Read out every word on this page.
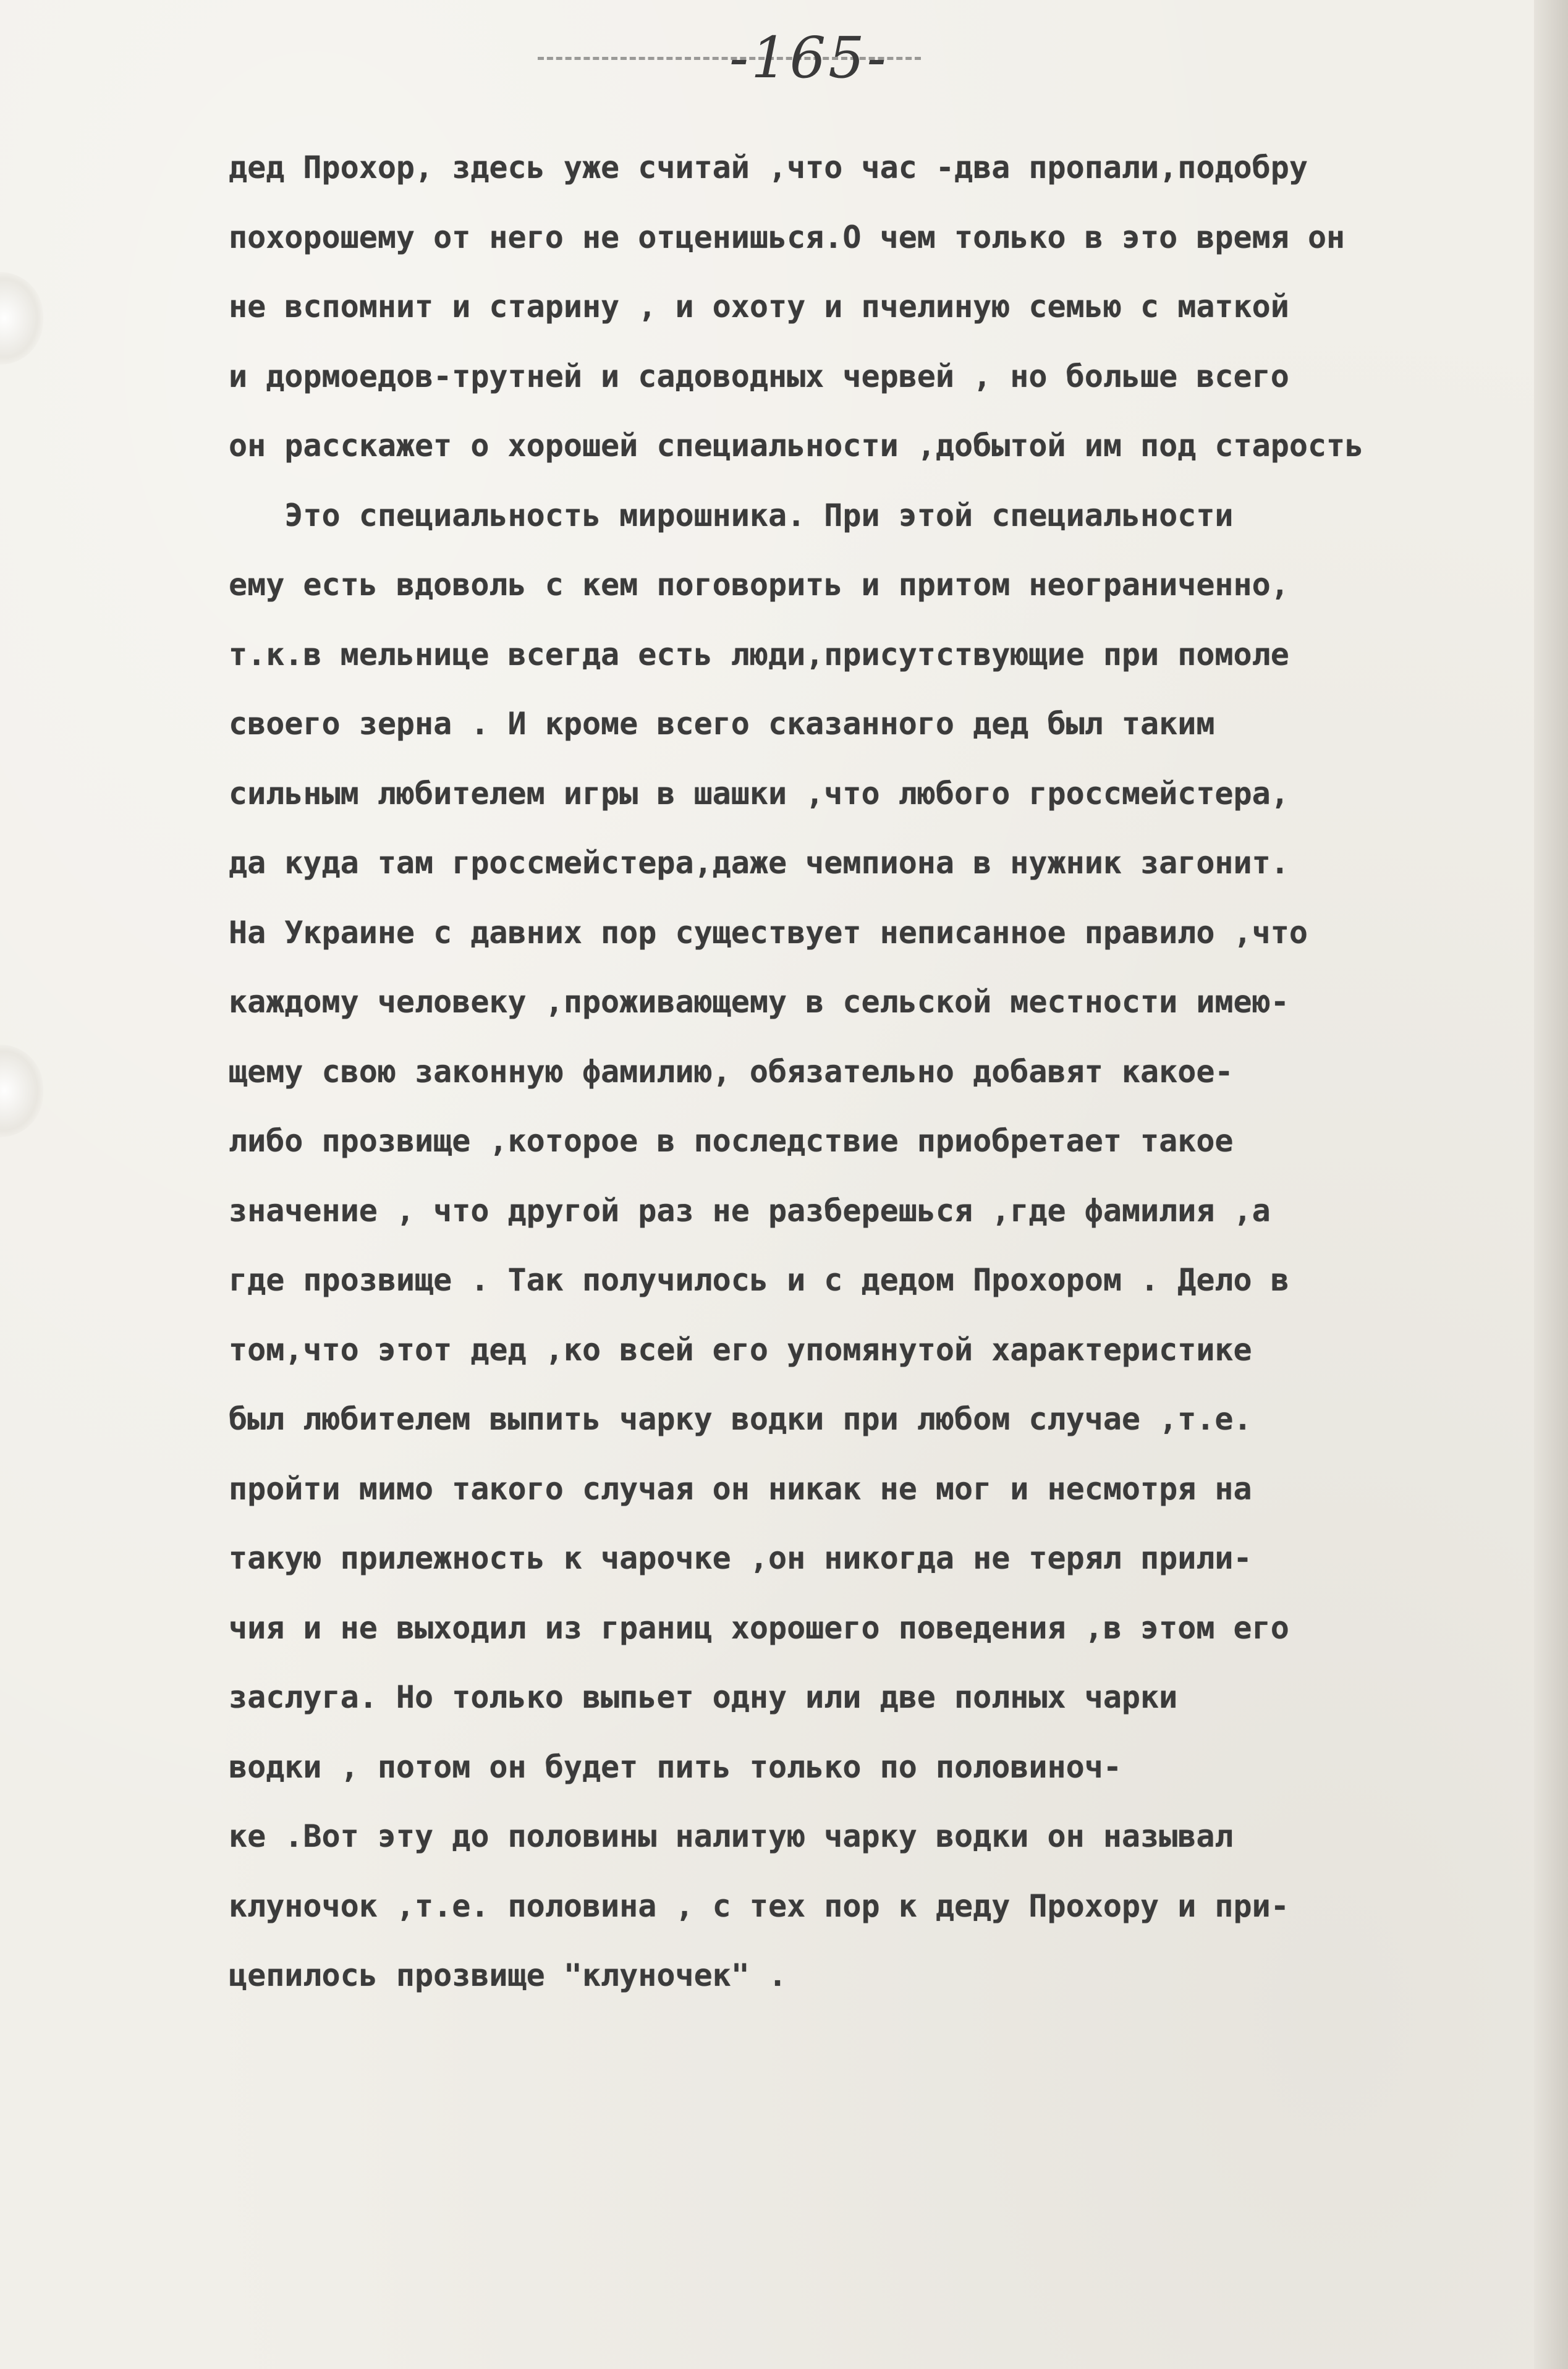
-165-
дед Прохор, здесь уже считай ,что час -два пропали,подобру
похорошему от него не отценишься.О чем только в это время он
не вспомнит и старину , и охоту и пчелиную семью с маткой
и дормоедов-трутней и садоводных червей , но больше всего
он расскажет о хорошей специальности ,добытой им под старость
Это специальность мирошника. При этой специальности
ему есть вдоволь с кем поговорить и притом неограниченно,
т.к.в мельнице всегда есть люди,присутствующие при помоле
своего зерна . И кроме всего сказанного дед был таким
сильным любителем игры в шашки ,что любого гроссмейстера,
да куда там гроссмейстера,даже чемпиона в нужник загонит.
На Украине с давних пор существует неписанное правило ,что
каждому человеку ,проживающему в сельской местности имею-
щему свою законную фамилию, обязательно добавят какое-
либо прозвище ,которое в последствие приобретает такое
значение , что другой раз не разберешься ,где фамилия ,а
где прозвище . Так получилось и с дедом Прохором . Дело в
том,что этот дед ,ко всей его упомянутой характеристике
был любителем выпить чарку водки при любом случае ,т.е.
пройти мимо такого случая он никак не мог и несмотря на
такую прилежность к чарочке ,он никогда не терял прили-
чия и не выходил из границ хорошего поведения ,в этом его
заслуга. Но только выпьет одну или две полных чарки
водки , потом он будет пить только по половиноч-
ке .Вот эту до половины налитую чарку водки он называл
клуночок ,т.е. половина , с тех пор к деду Прохору и при-
цепилось прозвище "клуночек" .
